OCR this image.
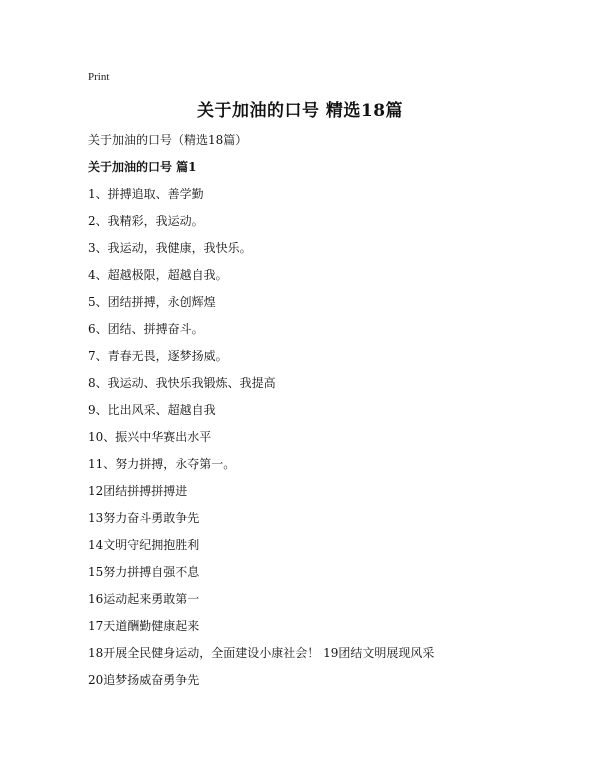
Print
关于加油的口号 精选18篇
关于加油的口号（精选18篇）
关于加油的口号 篇1
1、拼搏追取、善学勤
2、我精彩，我运动。
3、我运动，我健康，我快乐。
4、超越极限，超越自我。
5、团结拼搏，永创辉煌
6、团结、拼搏奋斗。
7、青春无畏，逐梦扬威。
8、我运动、我快乐我锻炼、我提高
9、比出风采、超越自我
10、振兴中华赛出水平
11、努力拼搏，永夺第一。
12团结拼搏拼搏进
13努力奋斗勇敢争先
14文明守纪拥抱胜利
15努力拼搏自强不息
16运动起来勇敢第一
17天道酬勤健康起来
18开展全民健身运动，全面建设小康社会！ 19团结文明展现风采
20追梦扬威奋勇争先
